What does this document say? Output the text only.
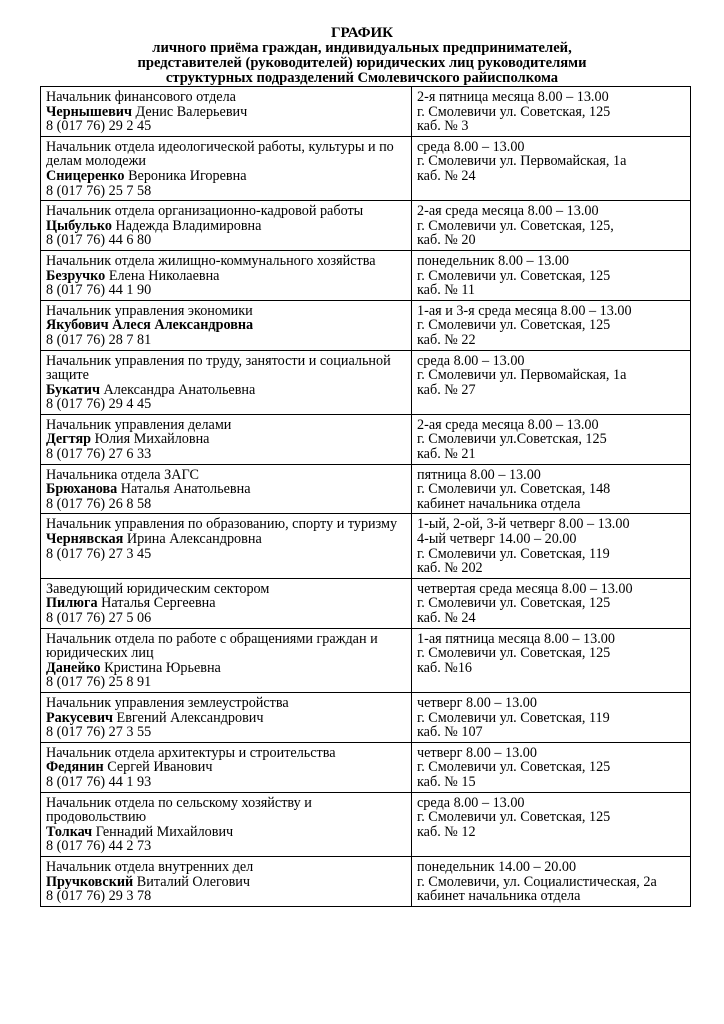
ГРАФИК
личного приёма граждан, индивидуальных предпринимателей,
представителей (руководителей) юридических лиц руководителями
структурных подразделений Смолевичского райисполкома
Начальник финансового отдела
Чернышевич Денис Валерьевич
8 (017 76) 29 2 45	2-я пятница месяца 8.00 – 13.00
г. Смолевичи ул. Советская, 125
каб. № 3

Начальник отдела идеологической работы, культуры и по делам молодежи
Сницеренко Вероника Игоревна
8 (017 76) 25 7 58	среда 8.00 – 13.00
г. Смолевичи ул. Первомайская, 1а
каб. № 24

Начальник отдела организационно-кадровой работы
Цыбулько Надежда Владимировна
8 (017 76) 44 6 80	2-ая среда месяца 8.00 – 13.00
г. Смолевичи ул. Советская, 125,
каб. № 20

Начальник отдела жилищно-коммунального хозяйства
Безручко Елена Николаевна
8 (017 76) 44 1 90	понедельник 8.00 – 13.00
г. Смолевичи ул. Советская, 125
каб. № 11

Начальник управления экономики
Якубович Алеся Александровна
8 (017 76) 28 7 81	1-ая и 3-я среда месяца 8.00 – 13.00
г. Смолевичи ул. Советская, 125
каб. № 22

Начальник управления по труду, занятости и социальной защите
Букатич Александра Анатольевна
8 (017 76) 29 4 45	среда 8.00 – 13.00
г. Смолевичи ул. Первомайская, 1а
каб. № 27

Начальник управления делами
Дегтяр Юлия Михайловна
8 (017 76) 27 6 33	2-ая среда месяца 8.00 – 13.00
г. Смолевичи ул.Советская, 125
каб. № 21

Начальника отдела ЗАГС
Брюханова Наталья Анатольевна
8 (017 76) 26 8 58	пятница 8.00 – 13.00
г. Смолевичи ул. Советская, 148
кабинет начальника отдела

Начальник управления по образованию, спорту и туризму
Чернявская Ирина Александровна
8 (017 76) 27 3 45	1-ый, 2-ой, 3-й четверг 8.00 – 13.00
4-ый четверг 14.00 – 20.00
г. Смолевичи ул. Советская, 119
каб. № 202

Заведующий юридическим сектором
Пилюга Наталья Сергеевна
8 (017 76) 27 5 06	четвертая среда месяца 8.00 – 13.00
г. Смолевичи ул. Советская, 125
каб. № 24

Начальник отдела по работе с обращениями граждан и юридических лиц
Данейко Кристина Юрьевна
8 (017 76) 25 8 91	1-ая пятница месяца 8.00 – 13.00
г. Смолевичи ул. Советская, 125
каб. №16

Начальник управления землеустройства
Ракусевич Евгений Александрович
8 (017 76) 27 3 55	четверг 8.00 – 13.00
г. Смолевичи ул. Советская, 119
каб. № 107

Начальник отдела архитектуры и строительства
Федянин Сергей Иванович
8 (017 76) 44 1 93	четверг 8.00 – 13.00
г. Смолевичи ул. Советская, 125
каб. № 15

Начальник отдела по сельскому хозяйству и продовольствию
Толкач Геннадий Михайлович
8 (017 76) 44 2 73	среда 8.00 – 13.00
г. Смолевичи ул. Советская, 125
каб. № 12

Начальник отдела внутренних дел
Пручковский Виталий Олегович
8 (017 76) 29 3 78	понедельник 14.00 – 20.00
г. Смолевичи, ул. Социалистическая, 2а
кабинет начальника отдела
